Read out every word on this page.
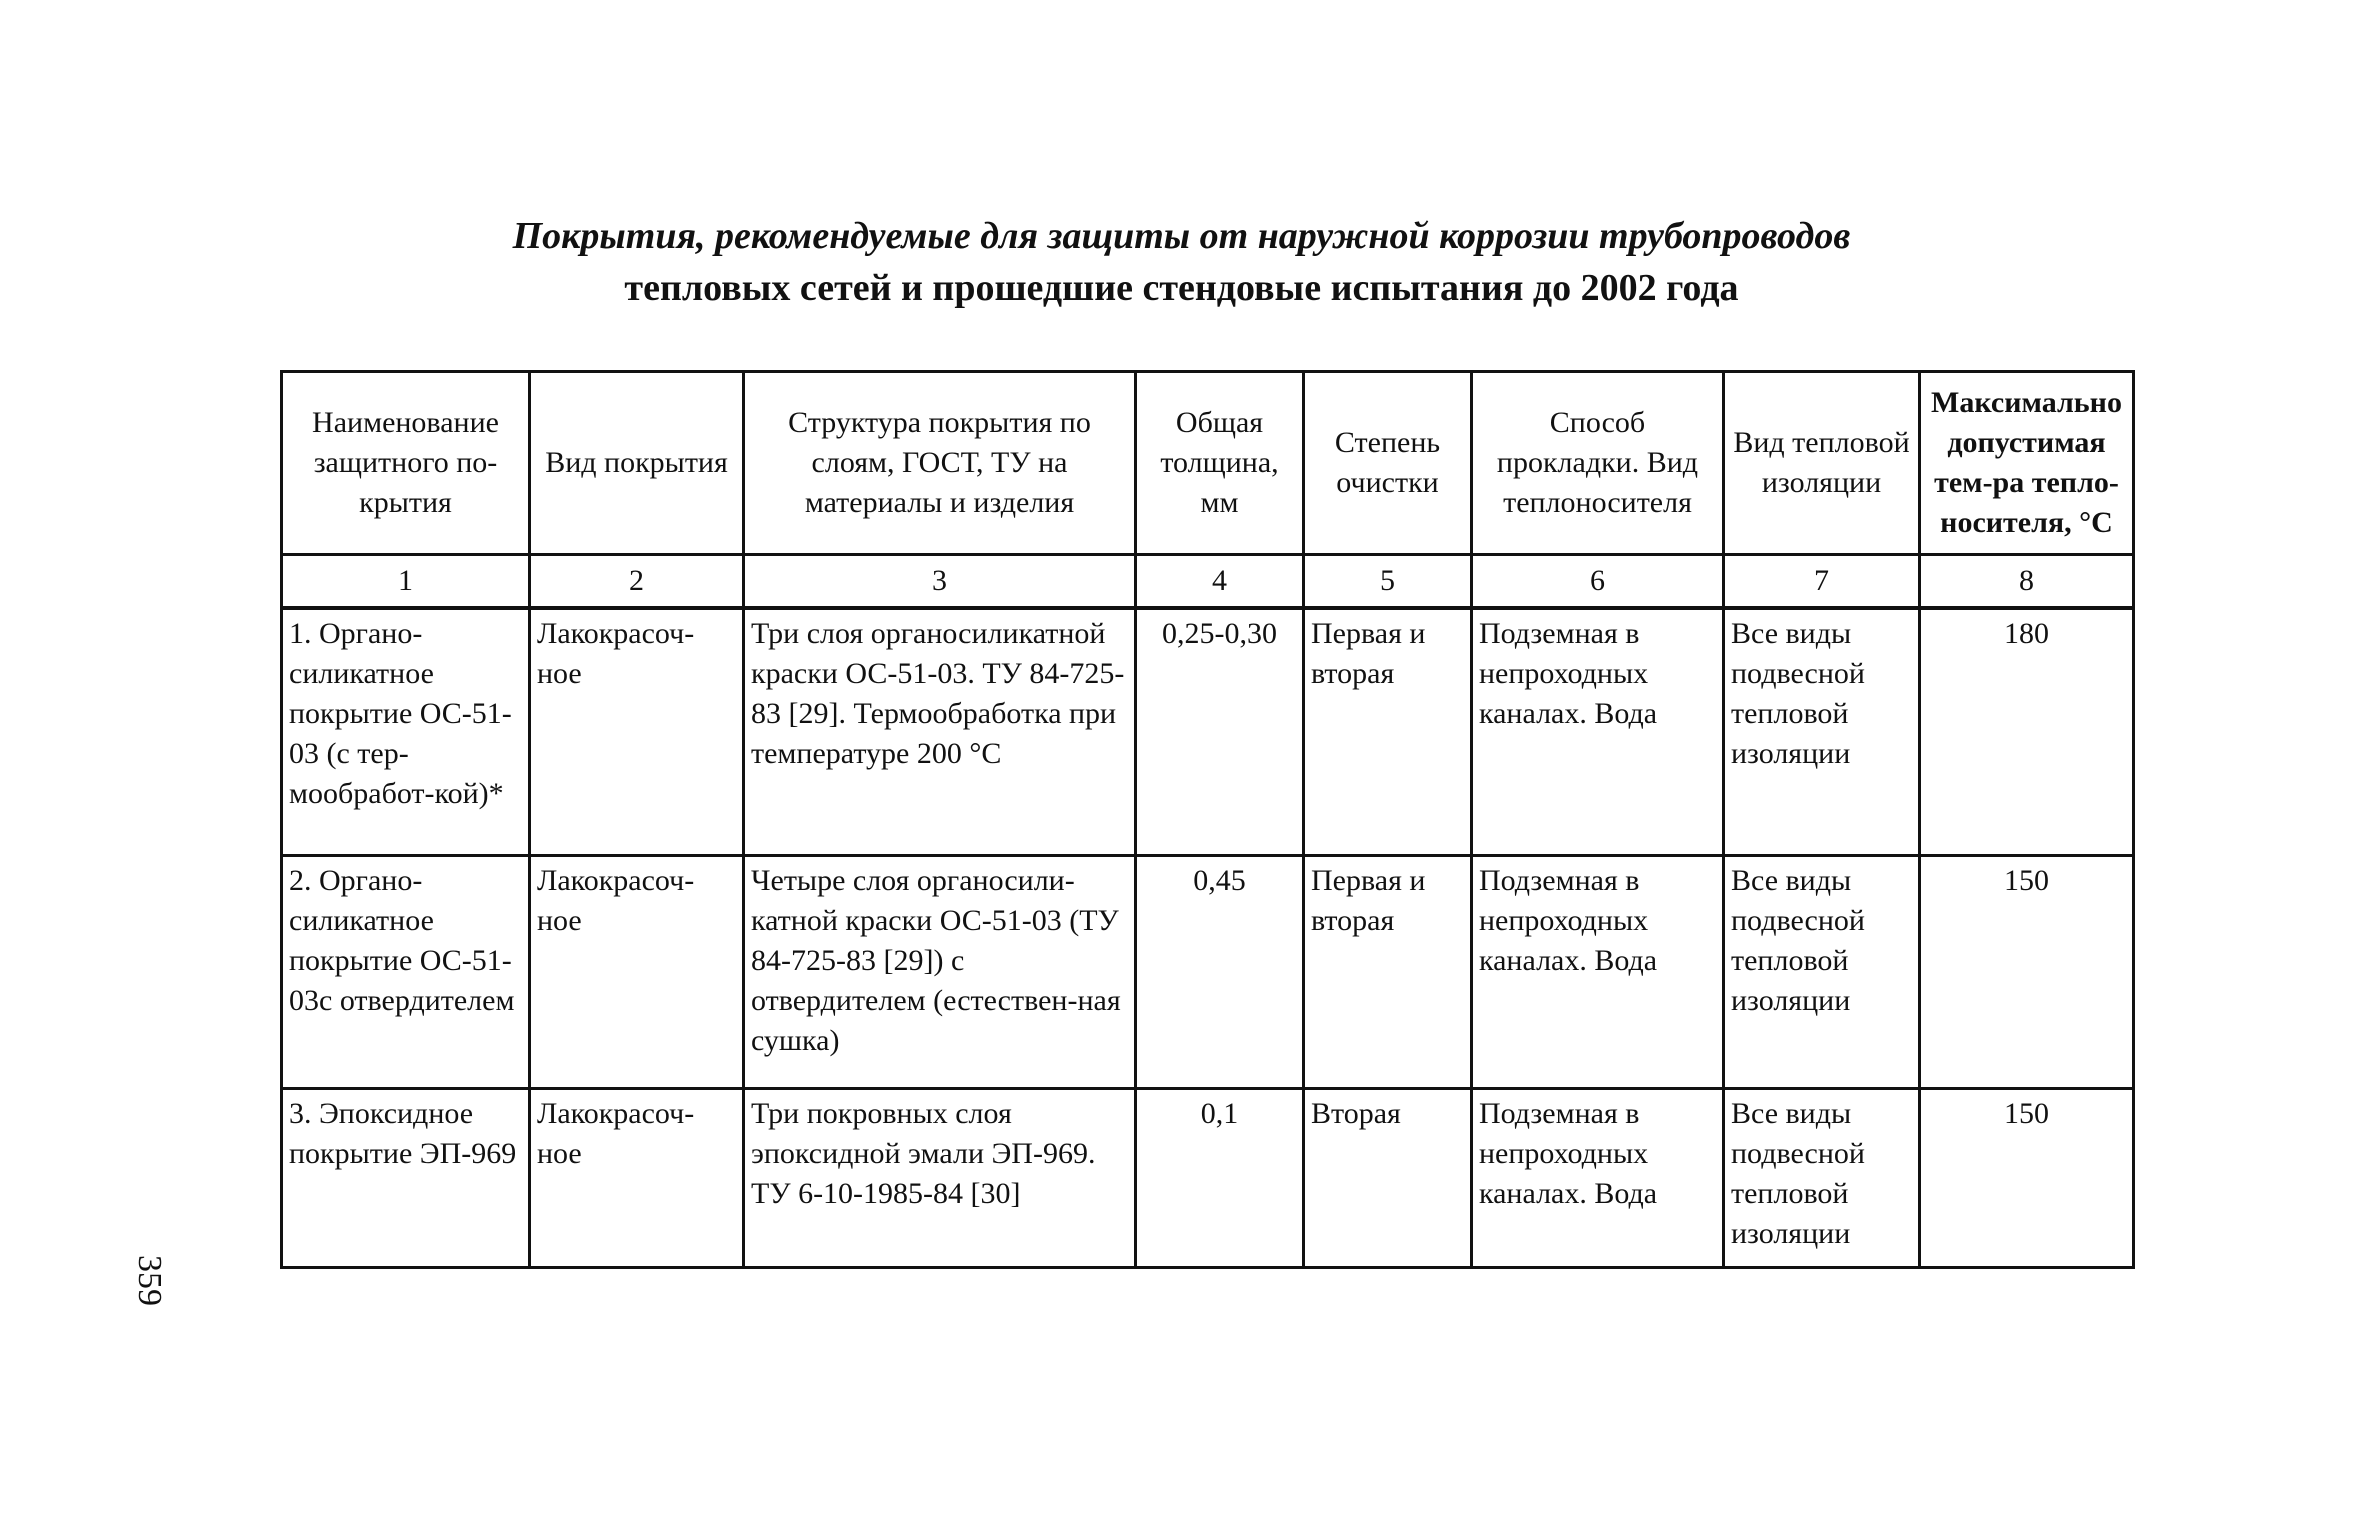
Покрытия, рекомендуемые для защиты от наружной коррозии трубопроводов
тепловых сетей и прошедшие стендовые испытания до 2002 года
Наименование защитного по-крытия	Вид покрытия	Структура покрытия по слоям, ГОСТ, ТУ на материалы и изделия	Общая толщина, мм	Степень очистки	Способ прокладки. Вид теплоносителя	Вид тепловой изоляции	Максимально допустимая тем-ра тепло-носителя, °С
1	2	3	4	5	6	7	8
1. Органо-силикатное покрытие ОС-51-03 (с тер-мообработ-кой)*	Лакокрасоч-ное	Три слоя органосиликатной краски ОС-51-03. ТУ 84-725-83 [29]. Термообработка при температуре 200 °С	0,25-0,30	Первая и вторая	Подземная в непроходных каналах. Вода	Все виды подвесной тепловой изоляции	180
2. Органо-силикатное покрытие ОС-51-03с отвердителем	Лакокрасоч-ное	Четыре слоя органосили-катной краски ОС-51-03 (ТУ 84-725-83 [29]) с отвердителем (естествен-ная сушка)	0,45	Первая и вторая	Подземная в непроходных каналах. Вода	Все виды подвесной тепловой изоляции	150
3. Эпоксидное покрытие ЭП-969	Лакокрасоч-ное	Три покровных слоя эпоксидной эмали ЭП-969. ТУ 6-10-1985-84 [30]	0,1	Вторая	Подземная в непроходных каналах. Вода	Все виды подвесной тепловой изоляции	150
359
